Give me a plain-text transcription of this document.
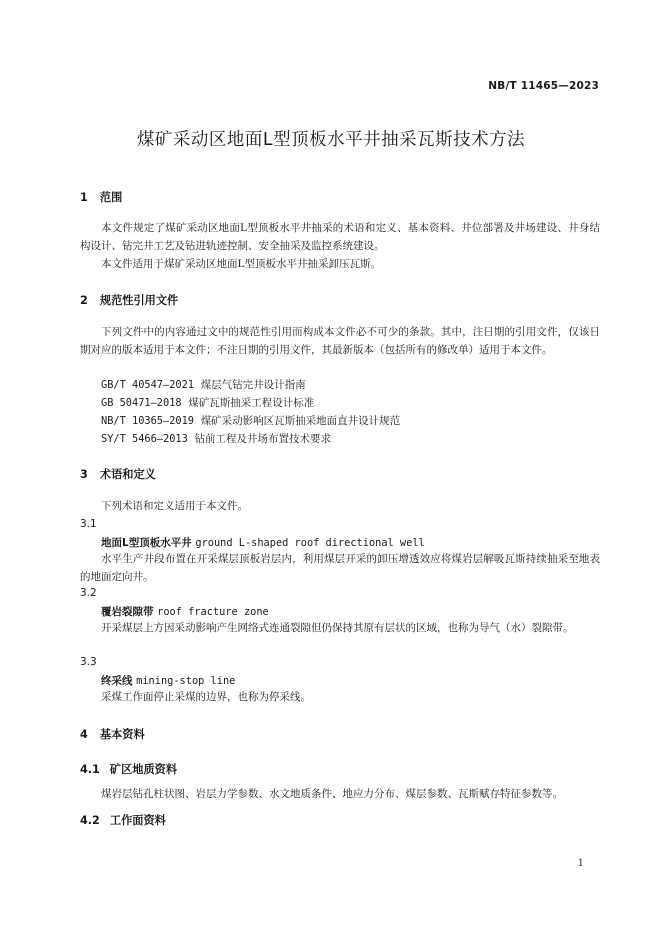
NB/T 11465—2023
煤矿采动区地面L型顶板水平井抽采瓦斯技术方法
1 范围
本文件规定了煤矿采动区地面L型顶板水平井抽采的术语和定义、基本资料、井位部署及井场建设、井身结构设计、钻完井工艺及钻进轨迹控制、安全抽采及监控系统建设。
本文件适用于煤矿采动区地面L型顶板水平井抽采卸压瓦斯。
2 规范性引用文件
下列文件中的内容通过文中的规范性引用而构成本文件必不可少的条款。其中，注日期的引用文件，仅该日期对应的版本适用于本文件；不注日期的引用文件，其最新版本（包括所有的修改单）适用于本文件。
GB/T 40547—2021 煤层气钻完井设计指南
GB 50471—2018 煤矿瓦斯抽采工程设计标准
NB/T 10365—2019 煤矿采动影响区瓦斯抽采地面直井设计规范
SY/T 5466—2013 钻前工程及井场布置技术要求
3 术语和定义
下列术语和定义适用于本文件。
3.1
地面L型顶板水平井 ground L-shaped roof directional well
水平生产井段布置在开采煤层顶板岩层内，利用煤层开采的卸压增透效应将煤岩层解吸瓦斯持续抽采至地表的地面定向井。
3.2
覆岩裂隙带 roof fracture zone
开采煤层上方因采动影响产生网络式连通裂隙但仍保持其原有层状的区域，也称为导气（水）裂隙带。
3.3
终采线 mining-stop line
采煤工作面停止采煤的边界，也称为停采线。
4 基本资料
4.1 矿区地质资料
煤岩层钻孔柱状图、岩层力学参数、水文地质条件、地应力分布、煤层参数、瓦斯赋存特征参数等。
4.2 工作面资料
1
